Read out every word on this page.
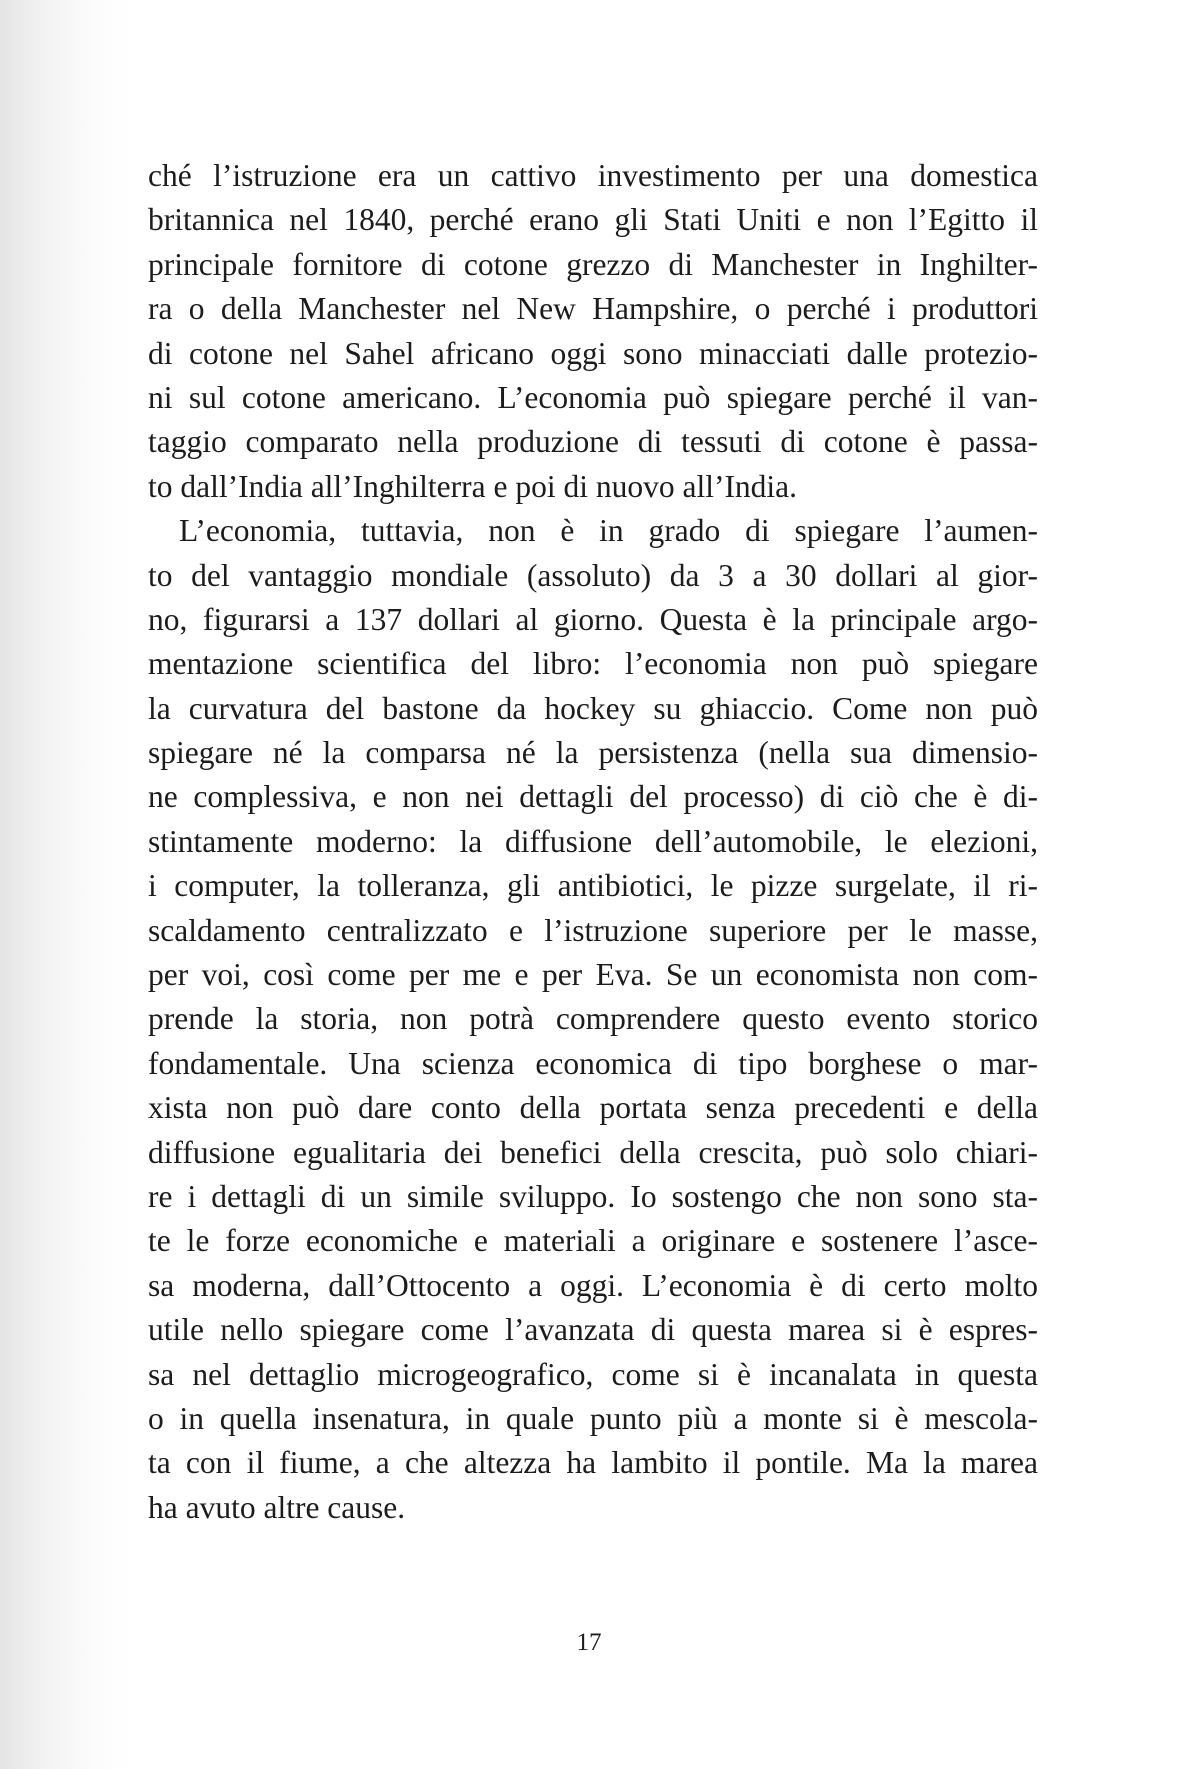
ché l’istruzione era un cattivo investimento per una domestica
britannica nel 1840, perché erano gli Stati Uniti e non l’Egitto il
principale fornitore di cotone grezzo di Manchester in Inghilter-
ra o della Manchester nel New Hampshire, o perché i produttori
di cotone nel Sahel africano oggi sono minacciati dalle protezio-
ni sul cotone americano. L’economia può spiegare perché il van-
taggio comparato nella produzione di tessuti di cotone è passa-
to dall’India all’Inghilterra e poi di nuovo all’India.
L’economia, tuttavia, non è in grado di spiegare l’aumen-
to del vantaggio mondiale (assoluto) da 3 a 30 dollari al gior-
no, figurarsi a 137 dollari al giorno. Questa è la principale argo-
mentazione scientifica del libro: l’economia non può spiegare
la curvatura del bastone da hockey su ghiaccio. Come non può
spiegare né la comparsa né la persistenza (nella sua dimensio-
ne complessiva, e non nei dettagli del processo) di ciò che è di-
stintamente moderno: la diffusione dell’automobile, le elezioni,
i computer, la tolleranza, gli antibiotici, le pizze surgelate, il ri-
scaldamento centralizzato e l’istruzione superiore per le masse,
per voi, così come per me e per Eva. Se un economista non com-
prende la storia, non potrà comprendere questo evento storico
fondamentale. Una scienza economica di tipo borghese o mar-
xista non può dare conto della portata senza precedenti e della
diffusione egualitaria dei benefici della crescita, può solo chiari-
re i dettagli di un simile sviluppo. Io sostengo che non sono sta-
te le forze economiche e materiali a originare e sostenere l’asce-
sa moderna, dall’Ottocento a oggi. L’economia è di certo molto
utile nello spiegare come l’avanzata di questa marea si è espres-
sa nel dettaglio microgeografico, come si è incanalata in questa
o in quella insenatura, in quale punto più a monte si è mescola-
ta con il fiume, a che altezza ha lambito il pontile. Ma la marea
ha avuto altre cause.
17
